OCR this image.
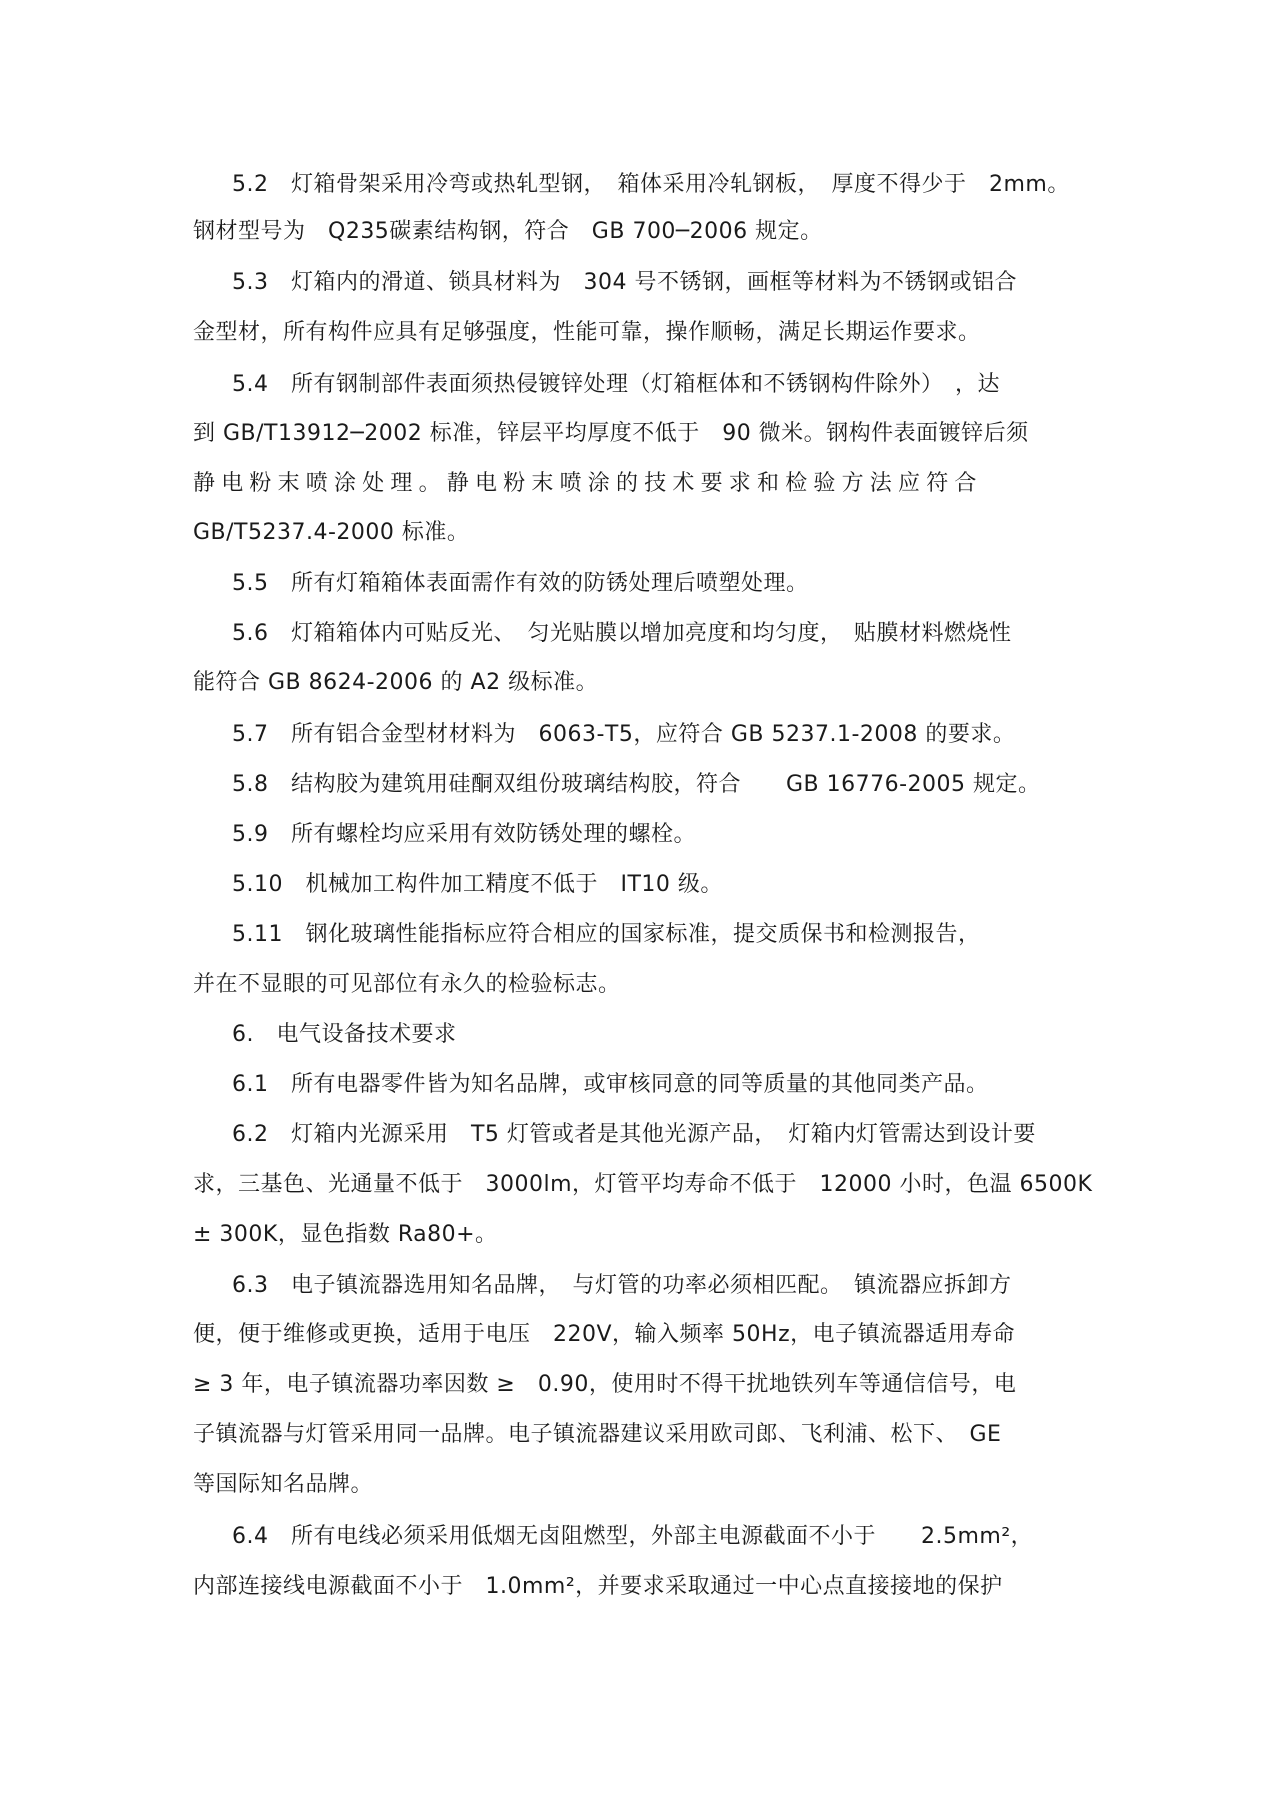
5.2　灯箱骨架采用冷弯或热轧型钢，　箱体采用冷轧钢板，　厚度不得少于　2mm。
钢材型号为　Q235碳素结构钢，符合　GB 700─2006 规定。
5.3　灯箱内的滑道、锁具材料为　304 号不锈钢，画框等材料为不锈钢或铝合
金型材，所有构件应具有足够强度，性能可靠，操作顺畅，满足长期运作要求。
5.4　所有钢制部件表面须热侵镀锌处理（灯箱框体和不锈钢构件除外）　，达
到 GB/T13912─2002 标准，锌层平均厚度不低于　90 微米。钢构件表面镀锌后须
静电粉末喷涂处理。静电粉末喷涂的技术要求和检验方法应符合
GB/T5237.4-2000 标准。
5.5　所有灯箱箱体表面需作有效的防锈处理后喷塑处理。
5.6　灯箱箱体内可贴反光、　匀光贴膜以增加亮度和均匀度，　贴膜材料燃烧性
能符合 GB 8624-2006 的 A2 级标准。
5.7　所有铝合金型材材料为　6063-T5，应符合 GB 5237.1-2008 的要求。
5.8　结构胶为建筑用硅酮双组份玻璃结构胶，符合　　GB 16776-2005 规定。
5.9　所有螺栓均应采用有效防锈处理的螺栓。
5.10　机械加工构件加工精度不低于　IT10 级。
5.11　钢化玻璃性能指标应符合相应的国家标准，提交质保书和检测报告，
并在不显眼的可见部位有永久的检验标志。
6.　电气设备技术要求
6.1　所有电器零件皆为知名品牌，或审核同意的同等质量的其他同类产品。
6.2　灯箱内光源采用　T5 灯管或者是其他光源产品，　灯箱内灯管需达到设计要
求，三基色、光通量不低于　3000lm，灯管平均寿命不低于　12000 小时，色温 6500K
± 300K，显色指数 Ra80+。
6.3　电子镇流器选用知名品牌，　与灯管的功率必须相匹配。　镇流器应拆卸方
便，便于维修或更换，适用于电压　220V，输入频率 50Hz，电子镇流器适用寿命
≥ 3 年，电子镇流器功率因数 ≥　0.90，使用时不得干扰地铁列车等通信信号，电
子镇流器与灯管采用同一品牌。电子镇流器建议采用欧司郎、飞利浦、松下、　GE
等国际知名品牌。
6.4　所有电线必须采用低烟无卤阻燃型，外部主电源截面不小于　　2.5mm²，
内部连接线电源截面不小于　1.0mm²，并要求采取通过一中心点直接接地的保护
